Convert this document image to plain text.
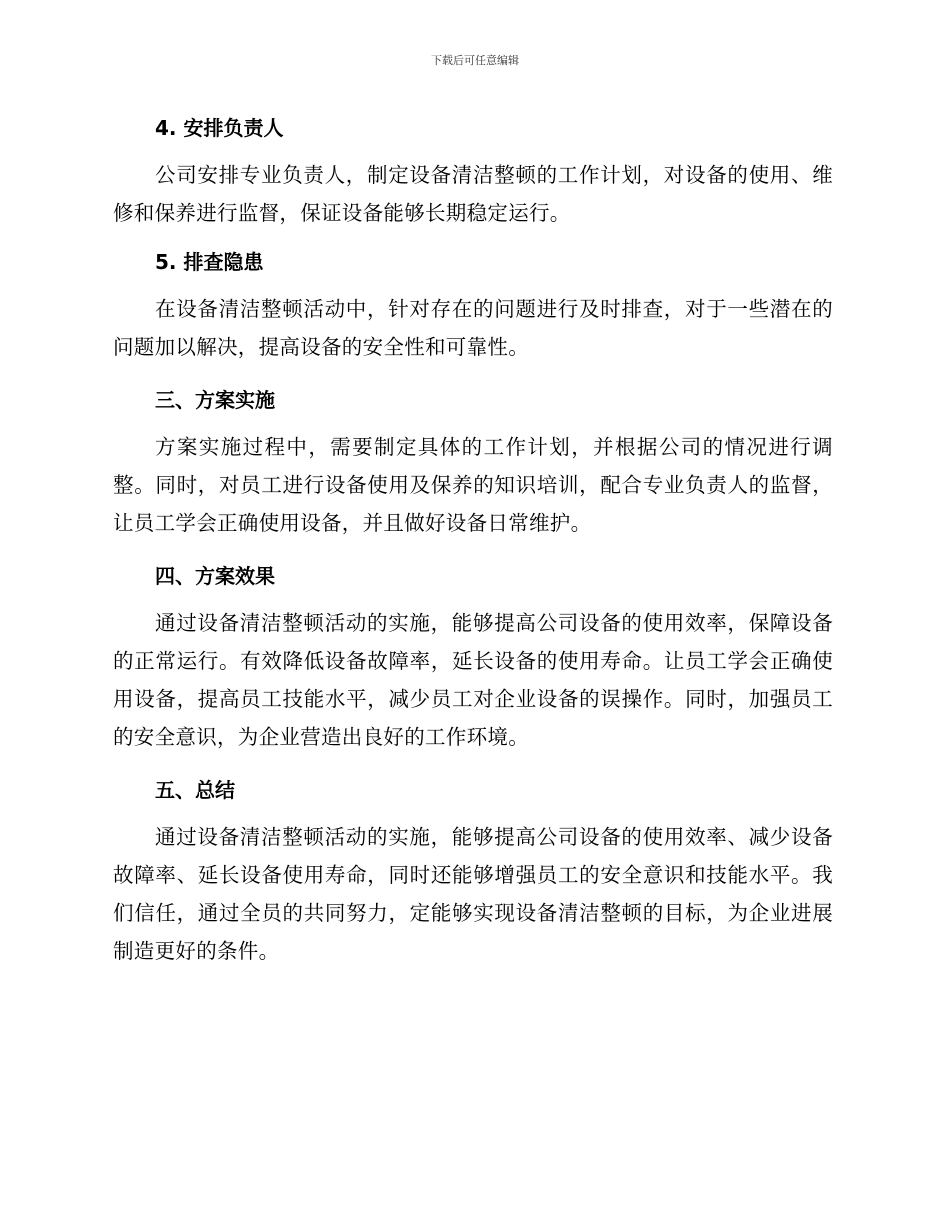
下载后可任意编辑
4. 安排负责人

公司安排专业负责人，制定设备清洁整顿的工作计划，对设备的使用、维修和保养进行监督，保证设备能够长期稳定运行。

5. 排查隐患

在设备清洁整顿活动中，针对存在的问题进行及时排查，对于一些潜在的问题加以解决，提高设备的安全性和可靠性。

三、方案实施

方案实施过程中，需要制定具体的工作计划，并根据公司的情况进行调整。同时，对员工进行设备使用及保养的知识培训，配合专业负责人的监督，让员工学会正确使用设备，并且做好设备日常维护。

四、方案效果

通过设备清洁整顿活动的实施，能够提高公司设备的使用效率，保障设备的正常运行。有效降低设备故障率，延长设备的使用寿命。让员工学会正确使用设备，提高员工技能水平，减少员工对企业设备的误操作。同时，加强员工的安全意识，为企业营造出良好的工作环境。

五、总结

通过设备清洁整顿活动的实施，能够提高公司设备的使用效率、减少设备故障率、延长设备使用寿命，同时还能够增强员工的安全意识和技能水平。我们信任，通过全员的共同努力，定能够实现设备清洁整顿的目标，为企业进展制造更好的条件。
